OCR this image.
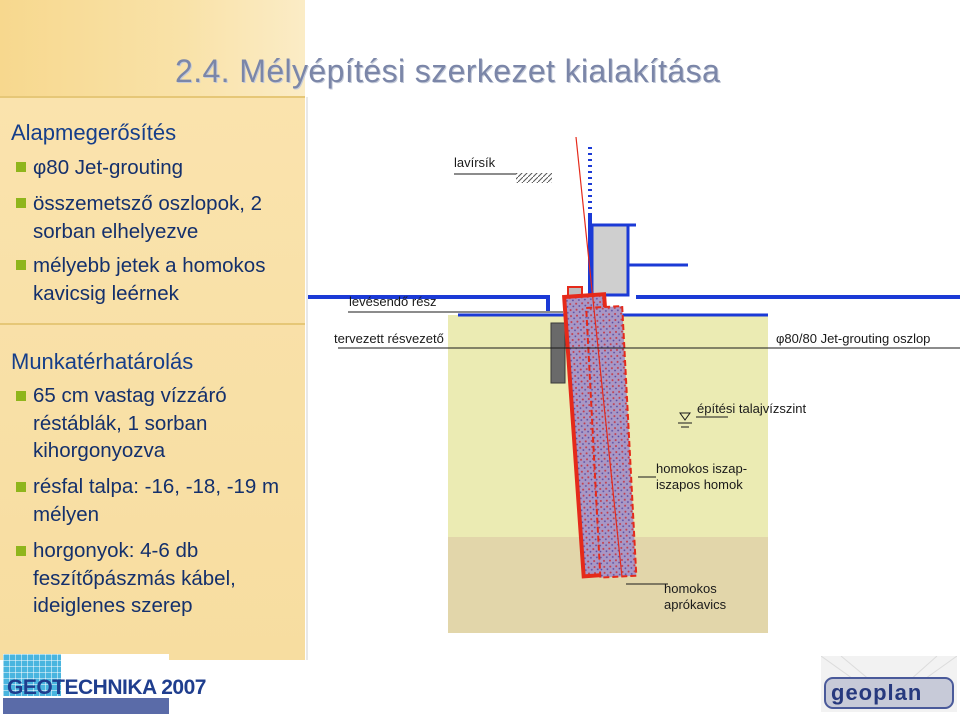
Alapmegerősítés
φ80 Jet-grouting
összemetsző oszlopok, 2 sorban elhelyezve
mélyebb jetek a homokos kavicsig leérnek
Munkatérhatárolás
65 cm vastag vízzáró réstáblák, 1 sorban kihorgonyozva
résfal talpa: -16, -18, -19 m mélyen
horgonyok: 4-6 db feszítőpászmás kábel, ideiglenes szerep
2.4. Mélyépítési szerkezet kialakítása
lavírsík
levésendő rész
tervezett résvezető	φ80/80 Jet-grouting oszlop
építési talajvízszint
homokos iszap-
iszapos homok
homokos
aprókavics
GEOTECHNIKA 2007	geoplan
